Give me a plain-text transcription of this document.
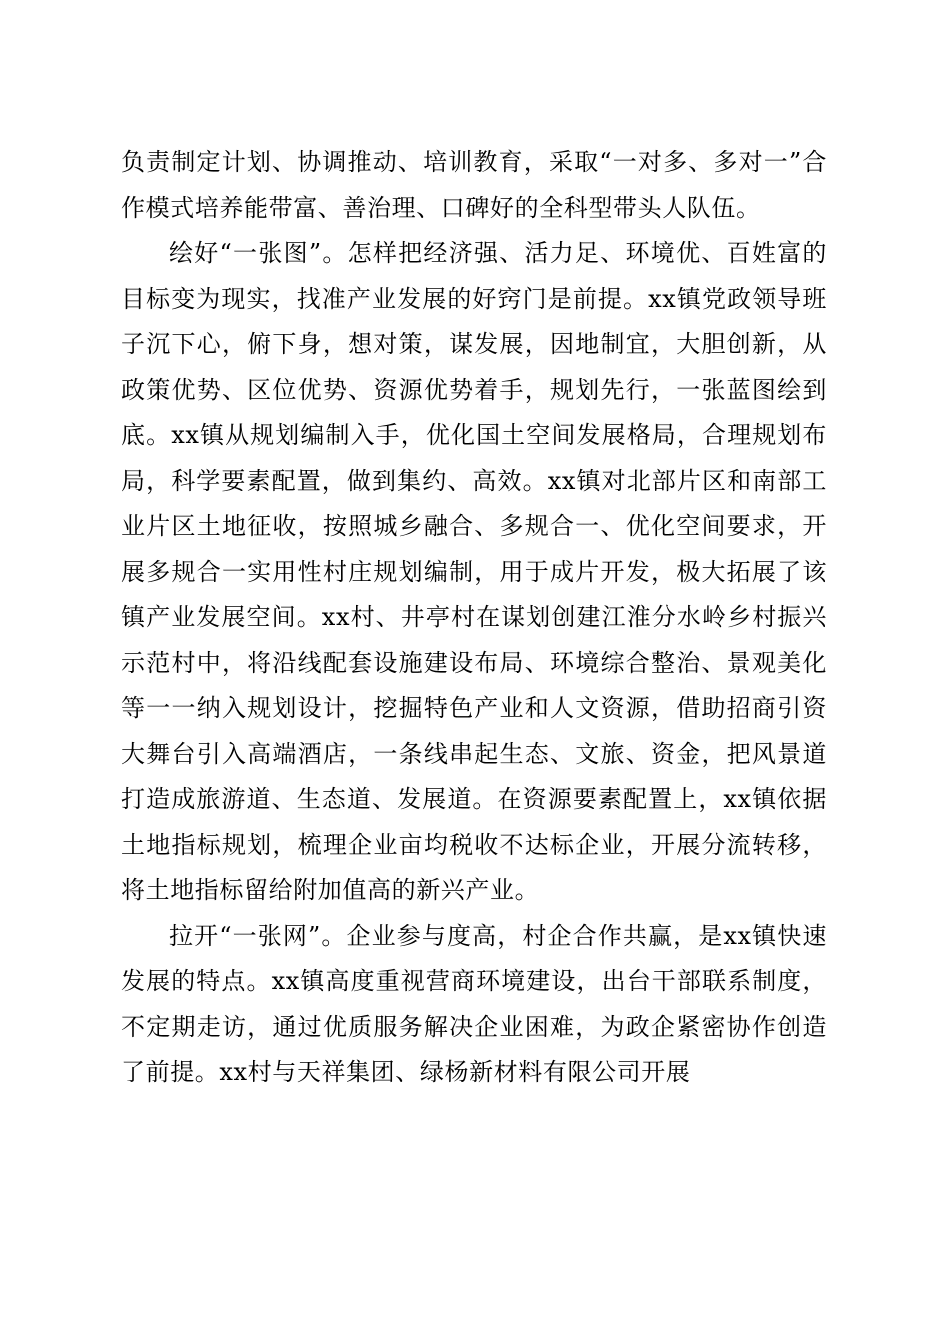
负责制定计划、协调推动、培训教育，采取“一对多、多对一”合作模式培养能带富、善治理、口碑好的全科型带头人队伍。

绘好“一张图”。怎样把经济强、活力足、环境优、百姓富的目标变为现实，找准产业发展的好窍门是前提。xx镇党政领导班子沉下心，俯下身，想对策，谋发展，因地制宜，大胆创新，从政策优势、区位优势、资源优势着手，规划先行，一张蓝图绘到底。xx镇从规划编制入手，优化国土空间发展格局，合理规划布局，科学要素配置，做到集约、高效。xx镇对北部片区和南部工业片区土地征收，按照城乡融合、多规合一、优化空间要求，开展多规合一实用性村庄规划编制，用于成片开发，极大拓展了该镇产业发展空间。xx村、井亭村在谋划创建江淮分水岭乡村振兴示范村中，将沿线配套设施建设布局、环境综合整治、景观美化等一一纳入规划设计，挖掘特色产业和人文资源，借助招商引资大舞台引入高端酒店，一条线串起生态、文旅、资金，把风景道打造成旅游道、生态道、发展道。在资源要素配置上，xx镇依据土地指标规划，梳理企业亩均税收不达标企业，开展分流转移，将土地指标留给附加值高的新兴产业。

拉开“一张网”。企业参与度高，村企合作共赢，是xx镇快速发展的特点。xx镇高度重视营商环境建设，出台干部联系制度，不定期走访，通过优质服务解决企业困难，为政企紧密协作创造了前提。xx村与天祥集团、绿杨新材料有限公司开展
